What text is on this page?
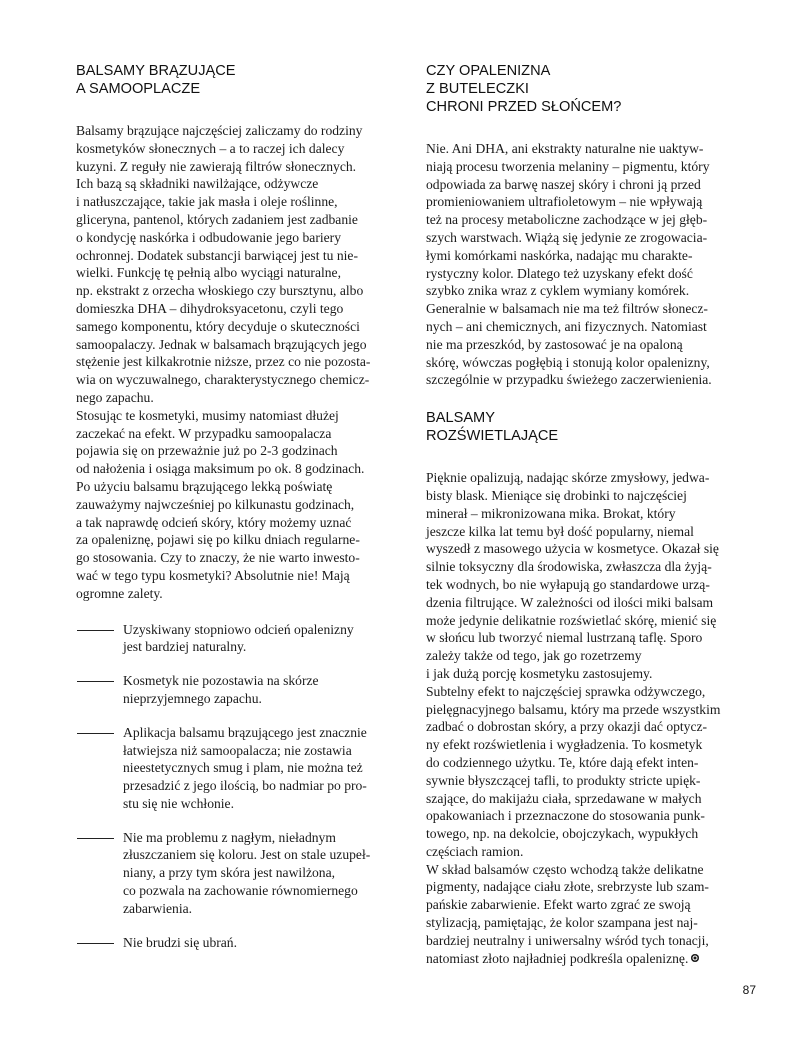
BALSAMY BRĄZUJĄCE
A SAMOOPLACZE

Balsamy brązujące najczęściej zaliczamy do rodziny
kosmetyków słonecznych – a to raczej ich dalecy
kuzyni. Z reguły nie zawierają filtrów słonecznych.
Ich bazą są składniki nawilżające, odżywcze
i natłuszczające, takie jak masła i oleje roślinne,
gliceryna, pantenol, których zadaniem jest zadbanie
o kondycję naskórka i odbudowanie jego bariery
ochronnej. Dodatek substancji barwiącej jest tu nie-
wielki. Funkcję tę pełnią albo wyciągi naturalne,
np. ekstrakt z orzecha włoskiego czy bursztynu, albo
domieszka DHA – dihydroksyacetonu, czyli tego
samego komponentu, który decyduje o skuteczności
samoopalaczy. Jednak w balsamach brązujących jego
stężenie jest kilkakrotnie niższe, przez co nie pozosta-
wia on wyczuwalnego, charakterystycznego chemicz-
nego zapachu.
Stosując te kosmetyki, musimy natomiast dłużej
zaczekać na efekt. W przypadku samoopalacza
pojawia się on przeważnie już po 2-3 godzinach
od nałożenia i osiąga maksimum po ok. 8 godzinach.
Po użyciu balsamu brązującego lekką poświatę
zauważymy najwcześniej po kilkunastu godzinach,
a tak naprawdę odcień skóry, który możemy uznać
za opaleniznę, pojawi się po kilku dniach regularne-
go stosowania. Czy to znaczy, że nie warto inwesto-
wać w tego typu kosmetyki? Absolutnie nie! Mają
ogromne zalety.

Uzyskiwany stopniowo odcień opalenizny
jest bardziej naturalny.

Kosmetyk nie pozostawia na skórze
nieprzyjemnego zapachu.

Aplikacja balsamu brązującego jest znacznie
łatwiejsza niż samoopalacza; nie zostawia
nieestetycznych smug i plam, nie można też
przesadzić z jego ilością, bo nadmiar po pro-
stu się nie wchłonie.

Nie ma problemu z nagłym, nieładnym
złuszczaniem się koloru. Jest on stale uzupeł-
niany, a przy tym skóra jest nawilżona,
co pozwala na zachowanie równomiernego
zabarwienia.

Nie brudzi się ubrań.

CZY OPALENIZNA
Z BUTELECZKI
CHRONI PRZED SŁOŃCEM?

Nie. Ani DHA, ani ekstrakty naturalne nie uaktyw-
niają procesu tworzenia melaniny – pigmentu, który
odpowiada za barwę naszej skóry i chroni ją przed
promieniowaniem ultrafioletowym – nie wpływają
też na procesy metaboliczne zachodzące w jej głęb-
szych warstwach. Wiążą się jedynie ze zrogowacia-
łymi komórkami naskórka, nadając mu charakte-
rystyczny kolor. Dlatego też uzyskany efekt dość
szybko znika wraz z cyklem wymiany komórek.
Generalnie w balsamach nie ma też filtrów słonecz-
nych – ani chemicznych, ani fizycznych. Natomiast
nie ma przeszkód, by zastosować je na opaloną
skórę, wówczas pogłębią i stonują kolor opalenizny,
szczególnie w przypadku świeżego zaczerwienienia.

BALSAMY
ROZŚWIETLAJĄCE

Pięknie opalizują, nadając skórze zmysłowy, jedwa-
bisty blask. Mieniące się drobinki to najczęściej
minerał – mikronizowana mika. Brokat, który
jeszcze kilka lat temu był dość popularny, niemal
wyszedł z masowego użycia w kosmetyce. Okazał się
silnie toksyczny dla środowiska, zwłaszcza dla żyją-
tek wodnych, bo nie wyłapują go standardowe urzą-
dzenia filtrujące. W zależności od ilości miki balsam
może jedynie delikatnie rozświetlać skórę, mienić się
w słońcu lub tworzyć niemal lustrzaną taflę. Sporo
zależy także od tego, jak go rozetrzemy
i jak dużą porcję kosmetyku zastosujemy.
Subtelny efekt to najczęściej sprawka odżywczego,
pielęgnacyjnego balsamu, który ma przede wszystkim
zadbać o dobrostan skóry, a przy okazji dać optycz-
ny efekt rozświetlenia i wygładzenia. To kosmetyk
do codziennego użytku. Te, które dają efekt inten-
sywnie błyszczącej tafli, to produkty stricte upięk-
szające, do makijażu ciała, sprzedawane w małych
opakowaniach i przeznaczone do stosowania punk-
towego, np. na dekolcie, obojczykach, wypukłych
częściach ramion.
W skład balsamów często wchodzą także delikatne
pigmenty, nadające ciału złote, srebrzyste lub szam-
pańskie zabarwienie. Efekt warto zgrać ze swoją
stylizacją, pamiętając, że kolor szampana jest naj-
bardziej neutralny i uniwersalny wśród tych tonacji,
natomiast złoto najładniej podkreśla opaleniznę.

87
